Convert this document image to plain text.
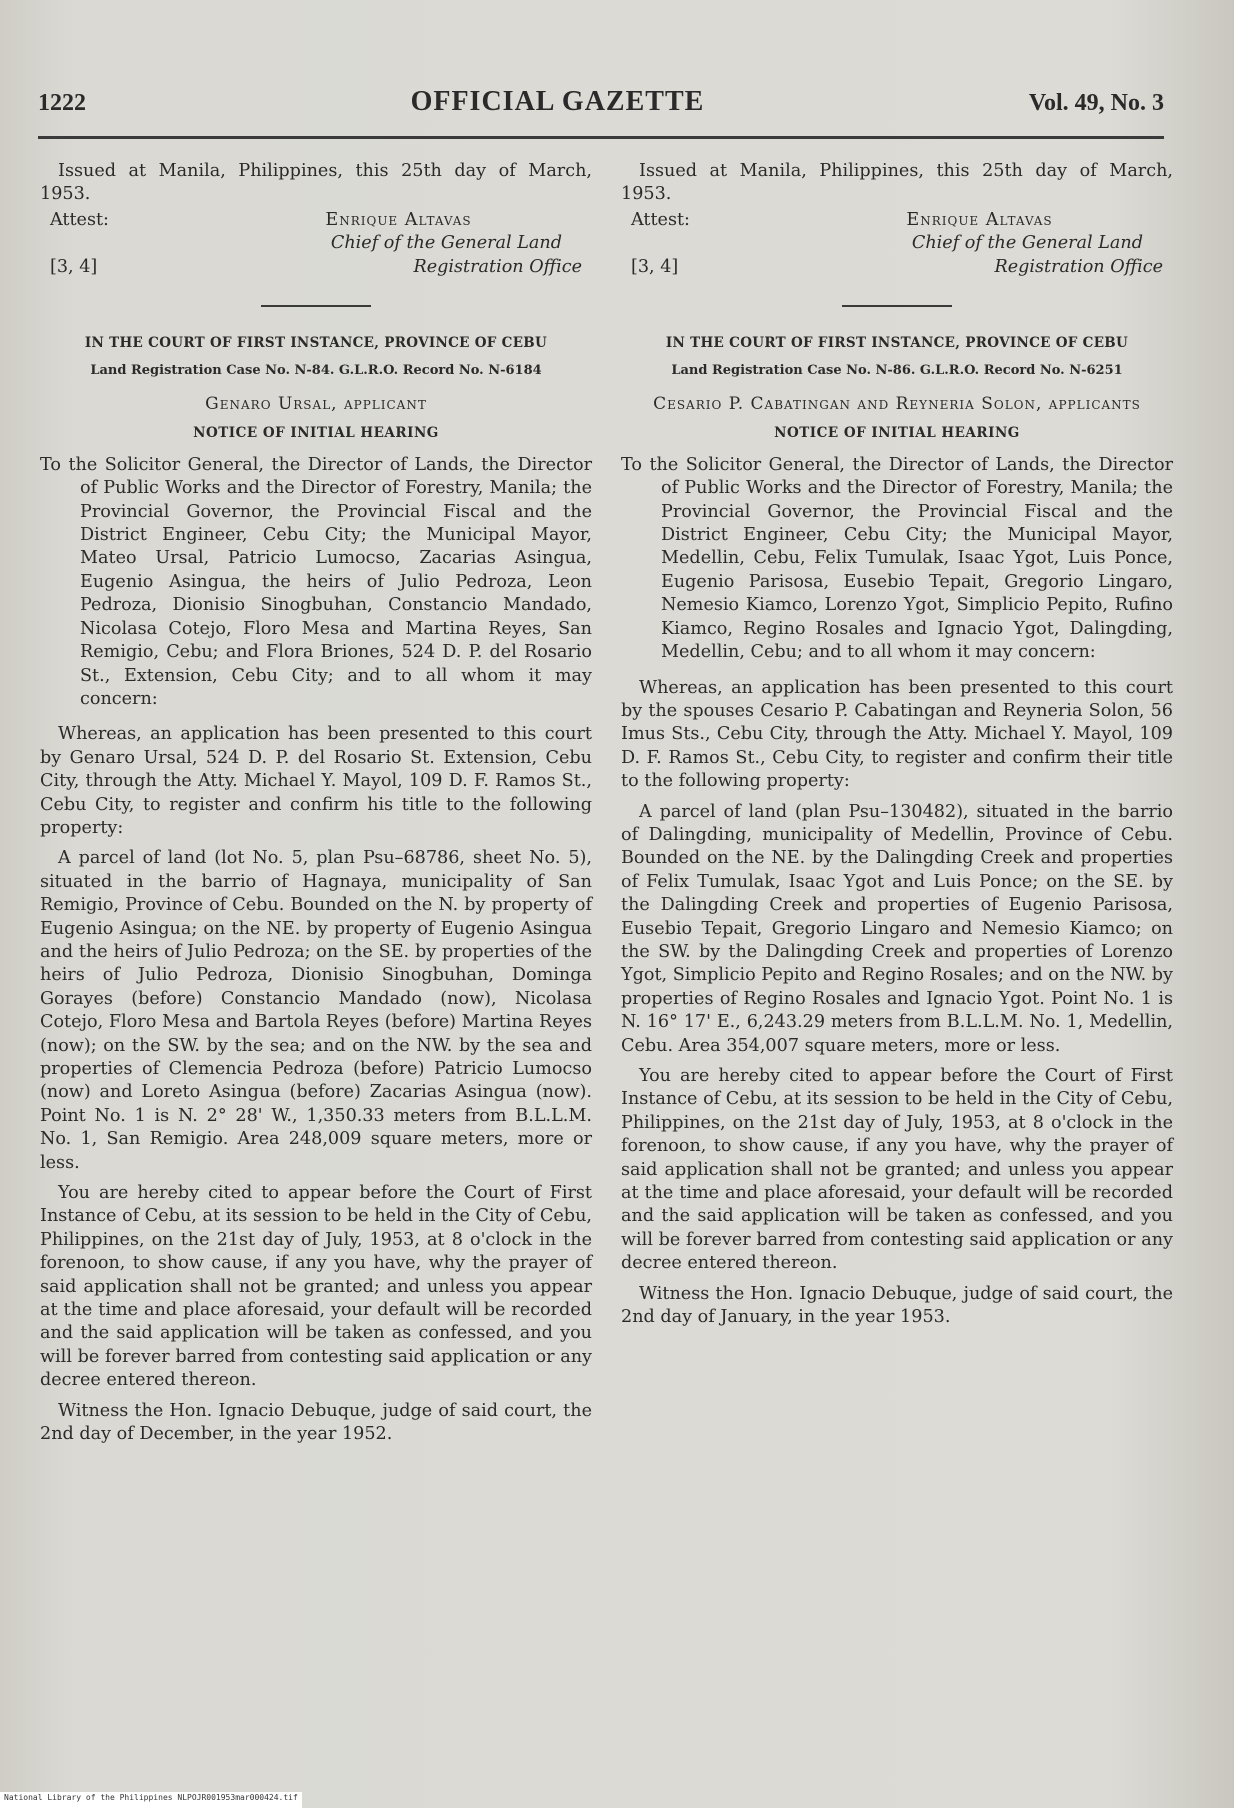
1222	OFFICIAL GAZETTE	Vol. 49, No. 3

Issued at Manila, Philippines, this 25th day of March, 1953.

Attest:	Enrique Altavas
Chief of the General Land
[3, 4]	Registration Office
IN THE COURT OF FIRST INSTANCE, PROVINCE OF CEBU
Land Registration Case No. N-84. G.L.R.O. Record No. N-6184
Genaro Ursal, applicant
NOTICE OF INITIAL HEARING

To the Solicitor General, the Director of Lands, the Director of Public Works and the Director of Forestry, Manila; the Provincial Governor, the Provincial Fiscal and the District Engineer, Cebu City; the Municipal Mayor, Mateo Ursal, Patricio Lumocso, Zacarias Asingua, Eugenio Asingua, the heirs of Julio Pedroza, Leon Pedroza, Dionisio Sinogbuhan, Constancio Mandado, Nicolasa Cotejo, Floro Mesa and Martina Reyes, San Remigio, Cebu; and Flora Briones, 524 D. P. del Rosario St., Extension, Cebu City; and to all whom it may concern:

Whereas, an application has been presented to this court by Genaro Ursal, 524 D. P. del Rosario St. Extension, Cebu City, through the Atty. Michael Y. Mayol, 109 D. F. Ramos St., Cebu City, to register and confirm his title to the following property:

A parcel of land (lot No. 5, plan Psu–68786, sheet No. 5), situated in the barrio of Hagnaya, municipality of San Remigio, Province of Cebu. Bounded on the N. by property of Eugenio Asingua; on the NE. by property of Eugenio Asingua and the heirs of Julio Pedroza; on the SE. by properties of the heirs of Julio Pedroza, Dionisio Sinogbuhan, Dominga Gorayes (before) Constancio Mandado (now), Nicolasa Cotejo, Floro Mesa and Bartola Reyes (before) Martina Reyes (now); on the SW. by the sea; and on the NW. by the sea and properties of Clemencia Pedroza (before) Patricio Lumocso (now) and Loreto Asingua (before) Zacarias Asingua (now). Point No. 1 is N. 2° 28' W., 1,350.33 meters from B.L.L.M. No. 1, San Remigio. Area 248,009 square meters, more or less.

You are hereby cited to appear before the Court of First Instance of Cebu, at its session to be held in the City of Cebu, Philippines, on the 21st day of July, 1953, at 8 o'clock in the forenoon, to show cause, if any you have, why the prayer of said application shall not be granted; and unless you appear at the time and place aforesaid, your default will be recorded and the said application will be taken as confessed, and you will be forever barred from contesting said application or any decree entered thereon.

Witness the Hon. Ignacio Debuque, judge of said court, the 2nd day of December, in the year 1952.

Issued at Manila, Philippines, this 25th day of March, 1953.

Attest:	Enrique Altavas
Chief of the General Land
[3, 4]	Registration Office
IN THE COURT OF FIRST INSTANCE, PROVINCE OF CEBU
Land Registration Case No. N-86. G.L.R.O. Record No. N-6251
Cesario P. Cabatingan and Reyneria Solon, applicants
NOTICE OF INITIAL HEARING

To the Solicitor General, the Director of Lands, the Director of Public Works and the Director of Forestry, Manila; the Provincial Governor, the Provincial Fiscal and the District Engineer, Cebu City; the Municipal Mayor, Medellin, Cebu, Felix Tumulak, Isaac Ygot, Luis Ponce, Eugenio Parisosa, Eusebio Tepait, Gregorio Lingaro, Nemesio Kiamco, Lorenzo Ygot, Simplicio Pepito, Rufino Kiamco, Regino Rosales and Ignacio Ygot, Dalingding, Medellin, Cebu; and to all whom it may concern:

Whereas, an application has been presented to this court by the spouses Cesario P. Cabatingan and Reyneria Solon, 56 Imus Sts., Cebu City, through the Atty. Michael Y. Mayol, 109 D. F. Ramos St., Cebu City, to register and confirm their title to the following property:

A parcel of land (plan Psu–130482), situated in the barrio of Dalingding, municipality of Medellin, Province of Cebu. Bounded on the NE. by the Dalingding Creek and properties of Felix Tumulak, Isaac Ygot and Luis Ponce; on the SE. by the Dalingding Creek and properties of Eugenio Parisosa, Eusebio Tepait, Gregorio Lingaro and Nemesio Kiamco; on the SW. by the Dalingding Creek and properties of Lorenzo Ygot, Simplicio Pepito and Regino Rosales; and on the NW. by properties of Regino Rosales and Ignacio Ygot. Point No. 1 is N. 16° 17' E., 6,243.29 meters from B.L.L.M. No. 1, Medellin, Cebu. Area 354,007 square meters, more or less.

You are hereby cited to appear before the Court of First Instance of Cebu, at its session to be held in the City of Cebu, Philippines, on the 21st day of July, 1953, at 8 o'clock in the forenoon, to show cause, if any you have, why the prayer of said application shall not be granted; and unless you appear at the time and place aforesaid, your default will be recorded and the said application will be taken as confessed, and you will be forever barred from contesting said application or any decree entered thereon.

Witness the Hon. Ignacio Debuque, judge of said court, the 2nd day of January, in the year 1953.

National Library of the Philippines NLPOJR001953mar000424.tif
